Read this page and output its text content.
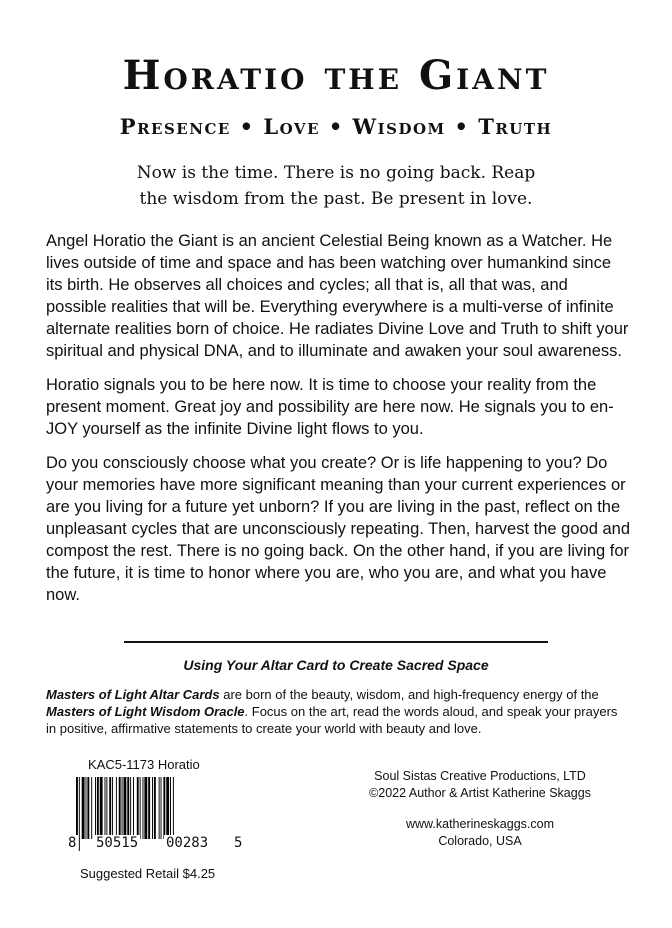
Horatio the Giant
Presence • Love • Wisdom • Truth
Now is the time. There is no going back. Reap
the wisdom from the past. Be present in love.

Angel Horatio the Giant is an ancient Celestial Being known as a Watcher. He lives outside of time and space and has been watching over humankind since its birth. He observes all choices and cycles; all that is, all that was, and possible realities that will be. Everything everywhere is a multi-verse of infinite alternate realities born of choice. He radiates Divine Love and Truth to shift your spiritual and physical DNA, and to illuminate and awaken your soul awareness.

Horatio signals you to be here now. It is time to choose your reality from the present moment. Great joy and possibility are here now. He signals you to en-JOY yourself as the infinite Divine light flows to you.

Do you consciously choose what you create? Or is life happening to you? Do your memories have more significant meaning than your current experiences or are you living for a future yet unborn? If you are living in the past, reflect on the unpleasant cycles that are unconsciously repeating. Then, harvest the good and compost the rest. There is no going back. On the other hand, if you are living for the future, it is time to honor where you are, who you are, and what you have now.

Using Your Altar Card to Create Sacred Space
Masters of Light Altar Cards are born of the beauty, wisdom, and high-frequency energy of the Masters of Light Wisdom Oracle. Focus on the art, read the words aloud, and speak your prayers in positive, affirmative statements to create your world with beauty and love.
KAC5-1173 Horatio
8 50515 00283 5
Suggested Retail $4.25
Soul Sistas Creative Productions, LTD
©2022 Author & Artist Katherine Skaggs
www.katherineskaggs.com
Colorado, USA
